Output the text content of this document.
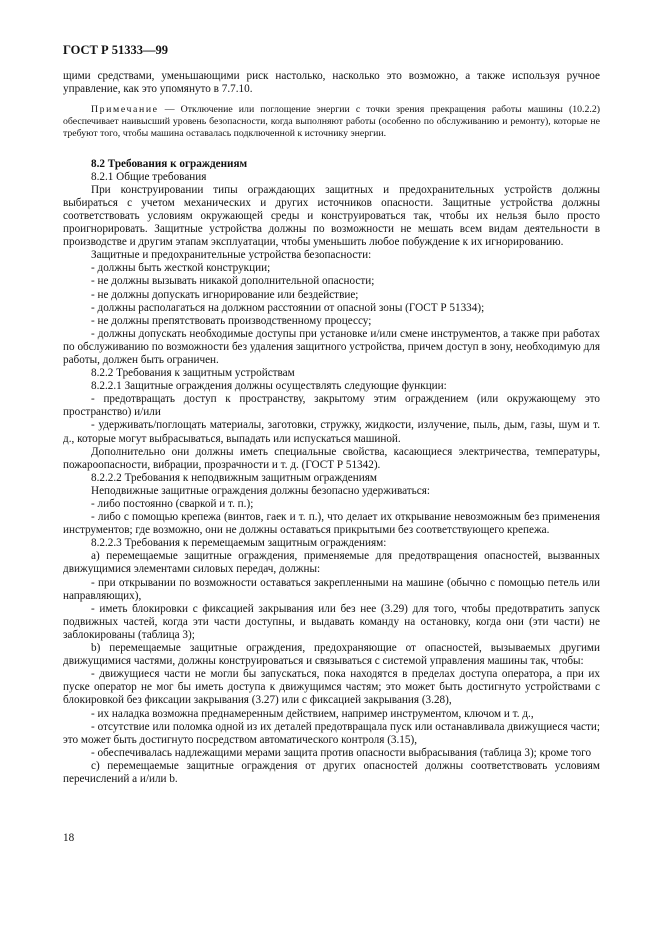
ГОСТ Р 51333—99

щими средствами, уменьшающими риск настолько, насколько это возможно, а также используя ручное управление, как это упомянуто в 7.7.10.

Примечание — Отключение или поглощение энергии с точки зрения прекращения работы машины (10.2.2) обеспечивает наивысший уровень безопасности, когда выполняют работы (особенно по обслуживанию и ремонту), которые не требуют того, чтобы машина оставалась подключенной к источнику энергии.

8.2 Требования к ограждениям

8.2.1 Общие требования

При конструировании типы ограждающих защитных и предохранительных устройств должны выбираться с учетом механических и других источников опасности. Защитные устройства должны соответствовать условиям окружающей среды и конструироваться так, чтобы их нельзя было просто проигнорировать. Защитные устройства должны по возможности не мешать всем видам деятельности в производстве и другим этапам эксплуатации, чтобы уменьшить любое побуждение к их игнорированию.

Защитные и предохранительные устройства безопасности:

- должны быть жесткой конструкции;

- не должны вызывать никакой дополнительной опасности;

- не должны допускать игнорирование или бездействие;

- должны располагаться на должном расстоянии от опасной зоны (ГОСТ Р 51334);

- не должны препятствовать производственному процессу;

- должны допускать необходимые доступы при установке и/или смене инструментов, а также при работах по обслуживанию по возможности без удаления защитного устройства, причем доступ в зону, необходимую для работы, должен быть ограничен.

8.2.2 Требования к защитным устройствам

8.2.2.1 Защитные ограждения должны осуществлять следующие функции:

- предотвращать доступ к пространству, закрытому этим ограждением (или окружающему это пространство) и/или

- удерживать/поглощать материалы, заготовки, стружку, жидкости, излучение, пыль, дым, газы, шум и т. д., которые могут выбрасываться, выпадать или испускаться машиной.

Дополнительно они должны иметь специальные свойства, касающиеся электричества, температуры, пожароопасности, вибрации, прозрачности и т. д. (ГОСТ Р 51342).

8.2.2.2 Требования к неподвижным защитным ограждениям

Неподвижные защитные ограждения должны безопасно удерживаться:

- либо постоянно (сваркой и т. п.);

- либо с помощью крепежа (винтов, гаек и т. п.), что делает их открывание невозможным без применения инструментов; где возможно, они не должны оставаться прикрытыми без соответствующего крепежа.

8.2.2.3 Требования к перемещаемым защитным ограждениям:

а) перемещаемые защитные ограждения, применяемые для предотвращения опасностей, вызванных движущимися элементами силовых передач, должны:

- при открывании по возможности оставаться закрепленными на машине (обычно с помощью петель или направляющих),

- иметь блокировки с фиксацией закрывания или без нее (3.29) для того, чтобы предотвратить запуск подвижных частей, когда эти части доступны, и выдавать команду на остановку, когда они (эти части) не заблокированы (таблица 3);

b) перемещаемые защитные ограждения, предохраняющие от опасностей, вызываемых другими движущимися частями, должны конструироваться и связываться с системой управления машины так, чтобы:

- движущиеся части не могли бы запускаться, пока находятся в пределах доступа оператора, а при их пуске оператор не мог бы иметь доступа к движущимся частям; это может быть достигнуто устройствами с блокировкой без фиксации закрывания (3.27) или с фиксацией закрывания (3.28),

- их наладка возможна преднамеренным действием, например инструментом, ключом и т. д.,

- отсутствие или поломка одной из их деталей предотвращала пуск или останавливала движущиеся части; это может быть достигнуто посредством автоматического контроля (3.15),

- обеспечивалась надлежащими мерами защита против опасности выбрасывания (таблица 3); кроме того

с) перемещаемые защитные ограждения от других опасностей должны соответствовать условиям перечислений а и/или b.

18
